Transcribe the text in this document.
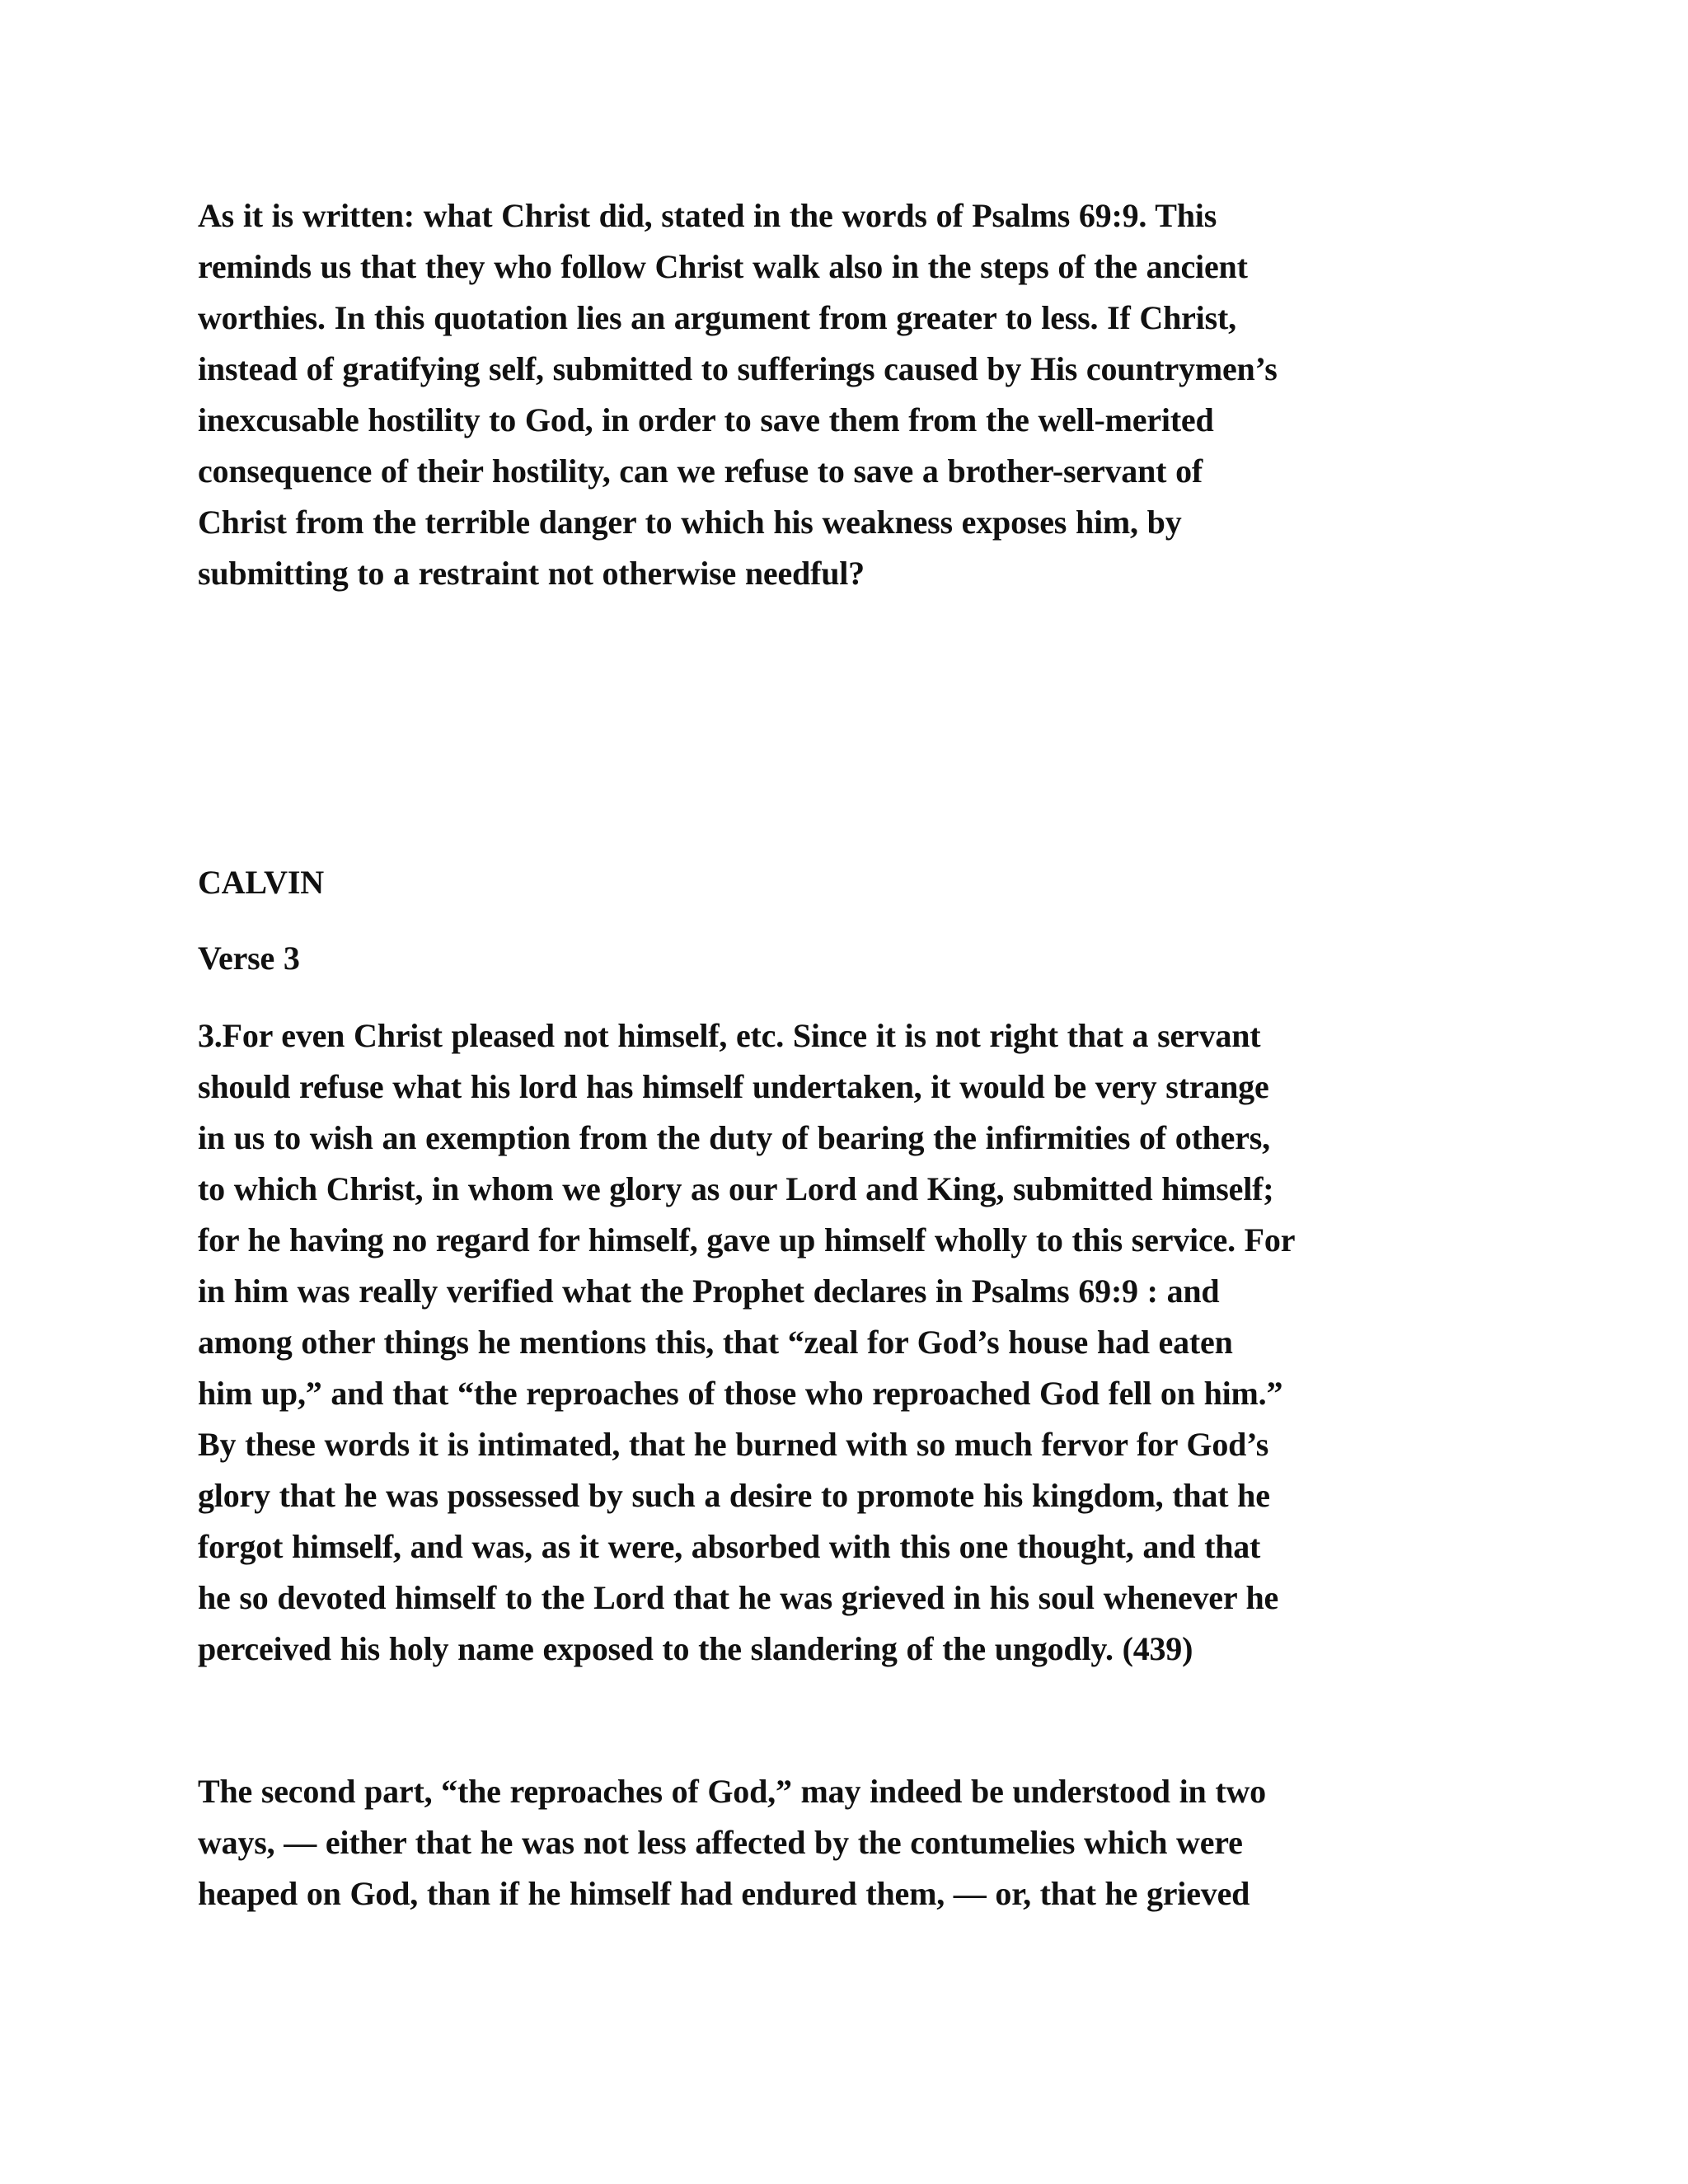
As it is written: what Christ did, stated in the words of Psalms 69:9. This
reminds us that they who follow Christ walk also in the steps of the ancient
worthies. In this quotation lies an argument from greater to less. If Christ,
instead of gratifying self, submitted to sufferings caused by His countrymen’s
inexcusable hostility to God, in order to save them from the well-merited
consequence of their hostility, can we refuse to save a brother-servant of
Christ from the terrible danger to which his weakness exposes him, by
submitting to a restraint not otherwise needful?

CALVIN

Verse 3

3.For even Christ pleased not himself, etc. Since it is not right that a servant
should refuse what his lord has himself undertaken, it would be very strange
in us to wish an exemption from the duty of bearing the infirmities of others,
to which Christ, in whom we glory as our Lord and King, submitted himself;
for he having no regard for himself, gave up himself wholly to this service. For
in him was really verified what the Prophet declares in Psalms 69:9 : and
among other things he mentions this, that “zeal for God’s house had eaten
him up,” and that “the reproaches of those who reproached God fell on him.”
By these words it is intimated, that he burned with so much fervor for God’s
glory that he was possessed by such a desire to promote his kingdom, that he
forgot himself, and was, as it were, absorbed with this one thought, and that
he so devoted himself to the Lord that he was grieved in his soul whenever he
perceived his holy name exposed to the slandering of the ungodly. (439)

The second part, “the reproaches of God,” may indeed be understood in two
ways, — either that he was not less affected by the contumelies which were
heaped on God, than if he himself had endured them, — or, that he grieved
